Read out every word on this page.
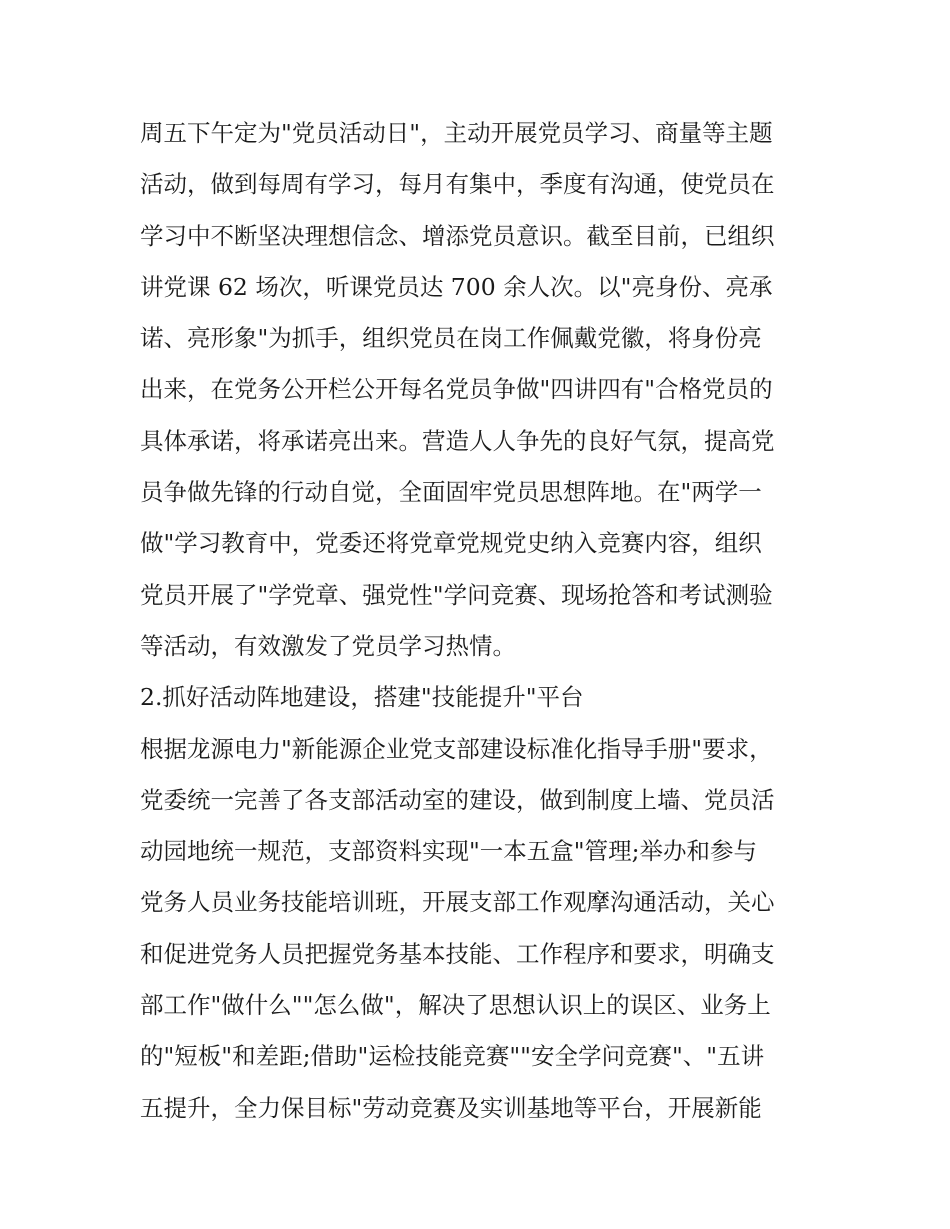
周五下午定为"党员活动日"，主动开展党员学习、商量等主题
活动，做到每周有学习，每月有集中，季度有沟通，使党员在
学习中不断坚决理想信念、增添党员意识。截至目前，已组织
讲党课 62 场次，听课党员达 700 余人次。以"亮身份、亮承
诺、亮形象"为抓手，组织党员在岗工作佩戴党徽，将身份亮
出来，在党务公开栏公开每名党员争做"四讲四有"合格党员的
具体承诺，将承诺亮出来。营造人人争先的良好气氛，提高党
员争做先锋的行动自觉，全面固牢党员思想阵地。在"两学一
做"学习教育中，党委还将党章党规党史纳入竞赛内容，组织
党员开展了"学党章、强党性"学问竞赛、现场抢答和考试测验
等活动，有效激发了党员学习热情。
2.抓好活动阵地建设，搭建"技能提升"平台
根据龙源电力"新能源企业党支部建设标准化指导手册"要求，
党委统一完善了各支部活动室的建设，做到制度上墙、党员活
动园地统一规范，支部资料实现"一本五盒"管理;举办和参与
党务人员业务技能培训班，开展支部工作观摩沟通活动，关心
和促进党务人员把握党务基本技能、工作程序和要求，明确支
部工作"做什么""怎么做"，解决了思想认识上的误区、业务上
的"短板"和差距;借助"运检技能竞赛""安全学问竞赛"、"五讲
五提升，全力保目标"劳动竞赛及实训基地等平台，开展新能
